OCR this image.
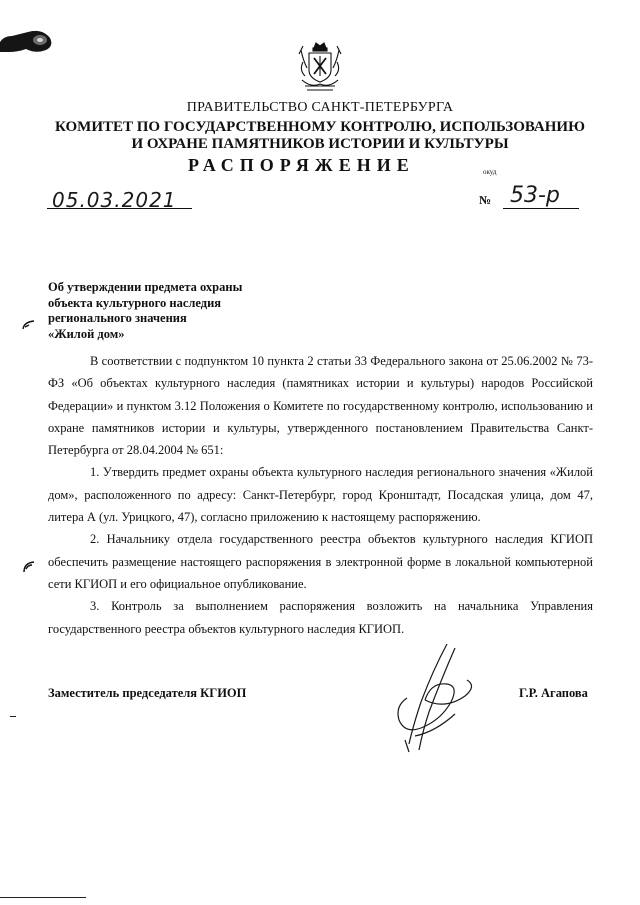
ПРАВИТЕЛЬСТВО САНКТ-ПЕТЕРБУРГА
КОМИТЕТ ПО ГОСУДАРСТВЕННОМУ КОНТРОЛЮ, ИСПОЛЬЗОВАНИЮ
И ОХРАНЕ ПАМЯТНИКОВ ИСТОРИИ И КУЛЬТУРЫ
РАСПОРЯЖЕНИЕ	окуд
05.03.2021	№ 53-р
Об утверждении предмета охраны
объекта культурного наследия
регионального значения
«Жилой дом»

В соответствии с подпунктом 10 пункта 2 статьи 33 Федерального закона от 25.06.2002 № 73-ФЗ «Об объектах культурного наследия (памятниках истории и культуры) народов Российской Федерации» и пунктом 3.12 Положения о Комитете по государственному контролю, использованию и охране памятников истории и культуры, утвержденного постановлением Правительства Санкт-Петербурга от 28.04.2004 № 651:

1. Утвердить предмет охраны объекта культурного наследия регионального значения «Жилой дом», расположенного по адресу: Санкт-Петербург, город Кронштадт, Посадская улица, дом 47, литера А (ул. Урицкого, 47), согласно приложению к настоящему распоряжению.

2. Начальнику отдела государственного реестра объектов культурного наследия КГИОП обеспечить размещение настоящего распоряжения в электронной форме в локальной компьютерной сети КГИОП и его официальное опубликование.

3. Контроль за выполнением распоряжения возложить на начальника Управления государственного реестра объектов культурного наследия КГИОП.

Заместитель председателя КГИОП	Г.Р. Агапова
